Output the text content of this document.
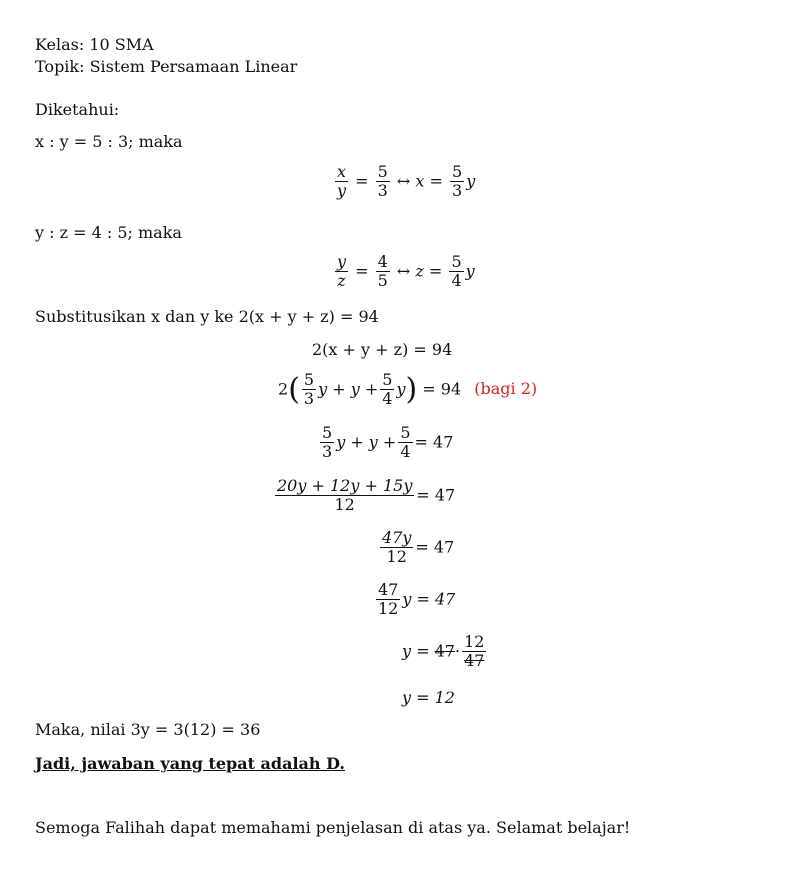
Kelas: 10 SMA
Topik: Sistem Persamaan Linear
Diketahui:
x : y = 5 : 3; maka
$\frac{x}{y} = \frac{5}{3}$ ↔ $x = \frac{5}{3}$ y
y : z = 4 : 5; maka
$\frac{y}{z} = \frac{4}{5}$ ↔ $z = \frac{5}{4}$ y
Substitusikan x dan y ke 2(x + y + z) = 94
2(x + y + z) = 94
$2( \frac{5}{3}$ $y + y + \frac{5}{4} y) = 94$ (bagi 2)
$\frac{5}{3}$ $y + y + \frac{5}{4} = 47$
$\frac{20y + 12y + 15y}{12} = 47$
$\frac{47y}{12} = 47$
$\frac{47}{12}$ y = 47
$y = 47\cdot \frac{12}{47}$
y = 12
Maka, nilai 3y = 3(12) = 36
Jadi, jawaban yang tepat adalah D.
Semoga Falihah dapat memahami penjelasan di atas ya. Selamat belajar!
